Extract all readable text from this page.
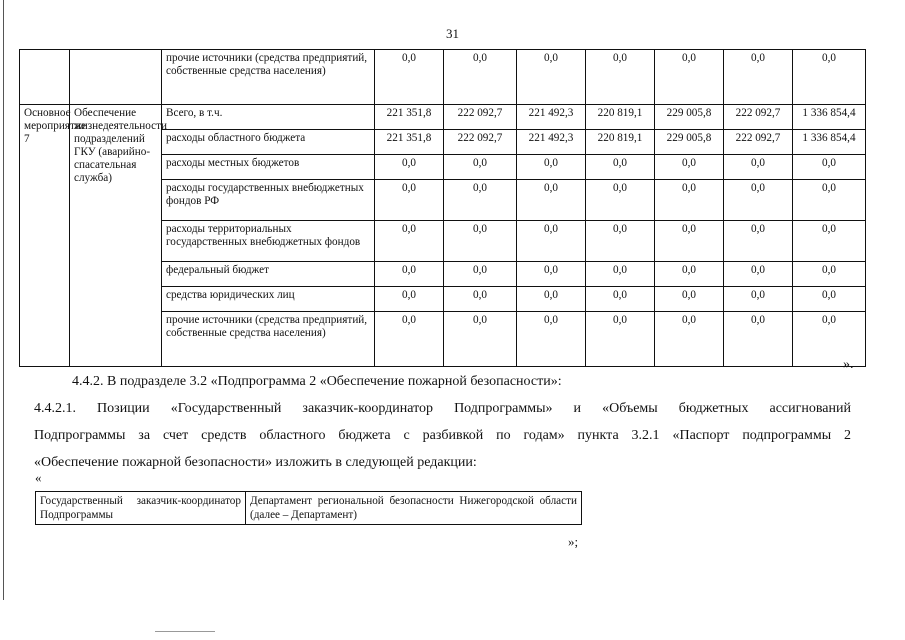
31
		прочие источники (средства предприятий, собственные средства населения)	0,0	0,0	0,0	0,0	0,0	0,0	0,0
Основное мероприятие 7	Обеспечение жизнедеятельности подразделений ГКУ (аварийно-спасательная служба)	Всего, в т.ч.	221 351,8	222 092,7	221 492,3	220 819,1	229 005,8	222 092,7	1 336 854,4
		расходы областного бюджета	221 351,8	222 092,7	221 492,3	220 819,1	229 005,8	222 092,7	1 336 854,4
		расходы местных бюджетов	0,0	0,0	0,0	0,0	0,0	0,0	0,0
		расходы государственных внебюджетных фондов РФ	0,0	0,0	0,0	0,0	0,0	0,0	0,0
		расходы территориальных государственных внебюджетных фондов	0,0	0,0	0,0	0,0	0,0	0,0	0,0
		федеральный бюджет	0,0	0,0	0,0	0,0	0,0	0,0	0,0
		средства юридических лиц	0,0	0,0	0,0	0,0	0,0	0,0	0,0
		прочие источники (средства предприятий, собственные средства населения)	0,0	0,0	0,0	0,0	0,0	0,0	0,0
».
4.4.2. В подразделе 3.2 «Подпрограмма 2 «Обеспечение пожарной безопасности»:
4.4.2.1. Позиции «Государственный заказчик-координатор Подпрограммы» и «Объемы бюджетных ассигнований
Подпрограммы за счет средств областного бюджета с разбивкой по годам» пункта 3.2.1 «Паспорт подпрограммы 2
«Обеспечение пожарной безопасности» изложить в следующей редакции:
«
Государственный заказчик-координатор Подпрограммы	Департамент региональной безопасности Нижегородской области (далее – Департамент)
»;
